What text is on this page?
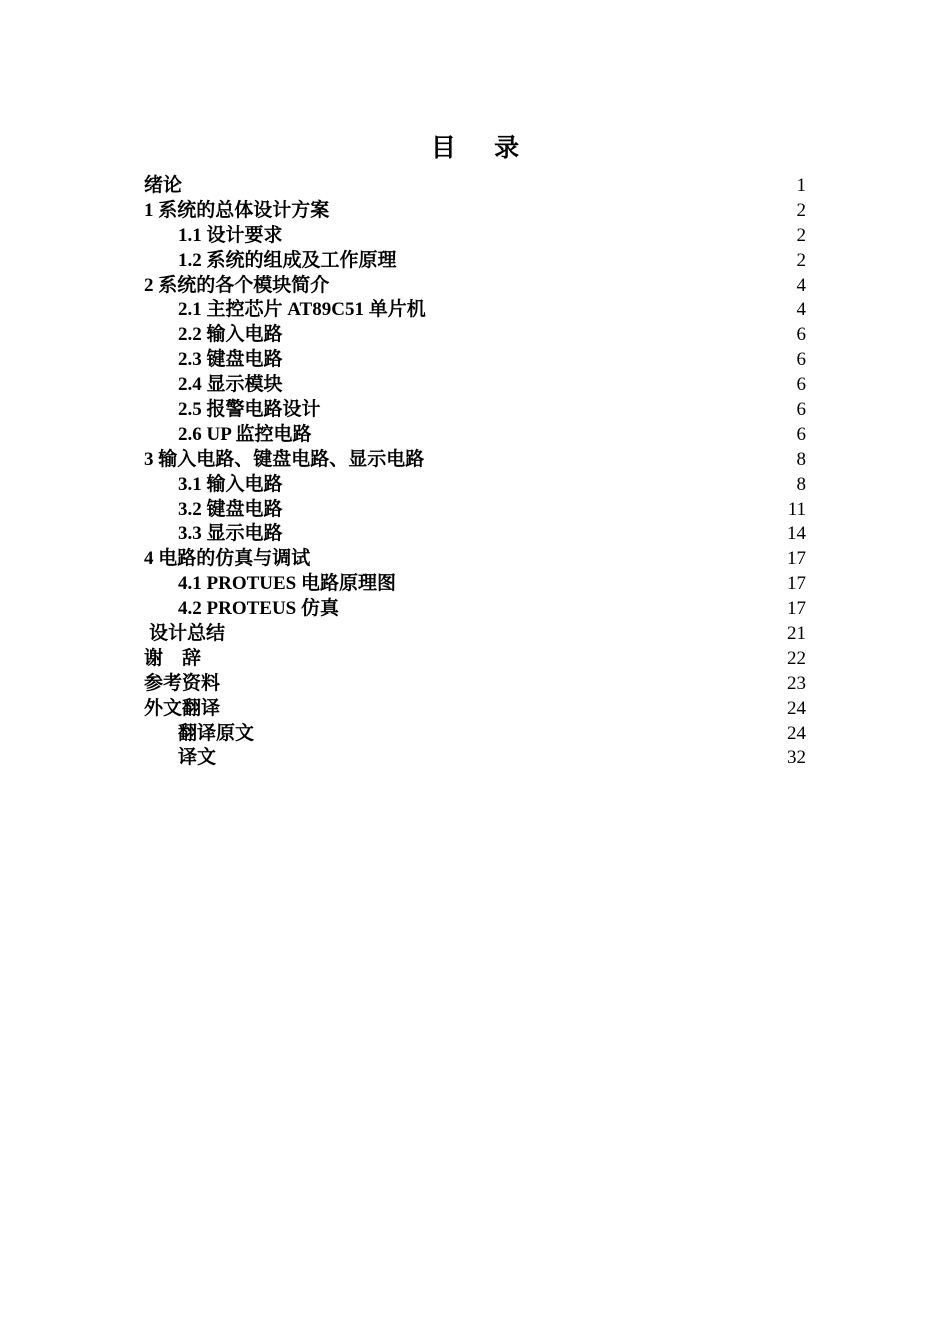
目 录
绪论	1
1 系统的总体设计方案	2
1.1 设计要求	2
1.2 系统的组成及工作原理	2
2 系统的各个模块简介	4
2.1 主控芯片 AT89C51 单片机	4
2.2 输入电路	6
2.3 键盘电路	6
2.4 显示模块	6
2.5 报警电路设计	6
2.6 UP 监控电路	6
3 输入电路、键盘电路、显示电路	8
3.1 输入电路	8
3.2 键盘电路	11
3.3 显示电路	14
4 电路的仿真与调试	17
4.1 PROTUES 电路原理图	17
4.2 PROTEUS 仿真	17
设计总结	21
谢    辞	22
参考资料	23
外文翻译	24
翻译原文	24
译文	32
